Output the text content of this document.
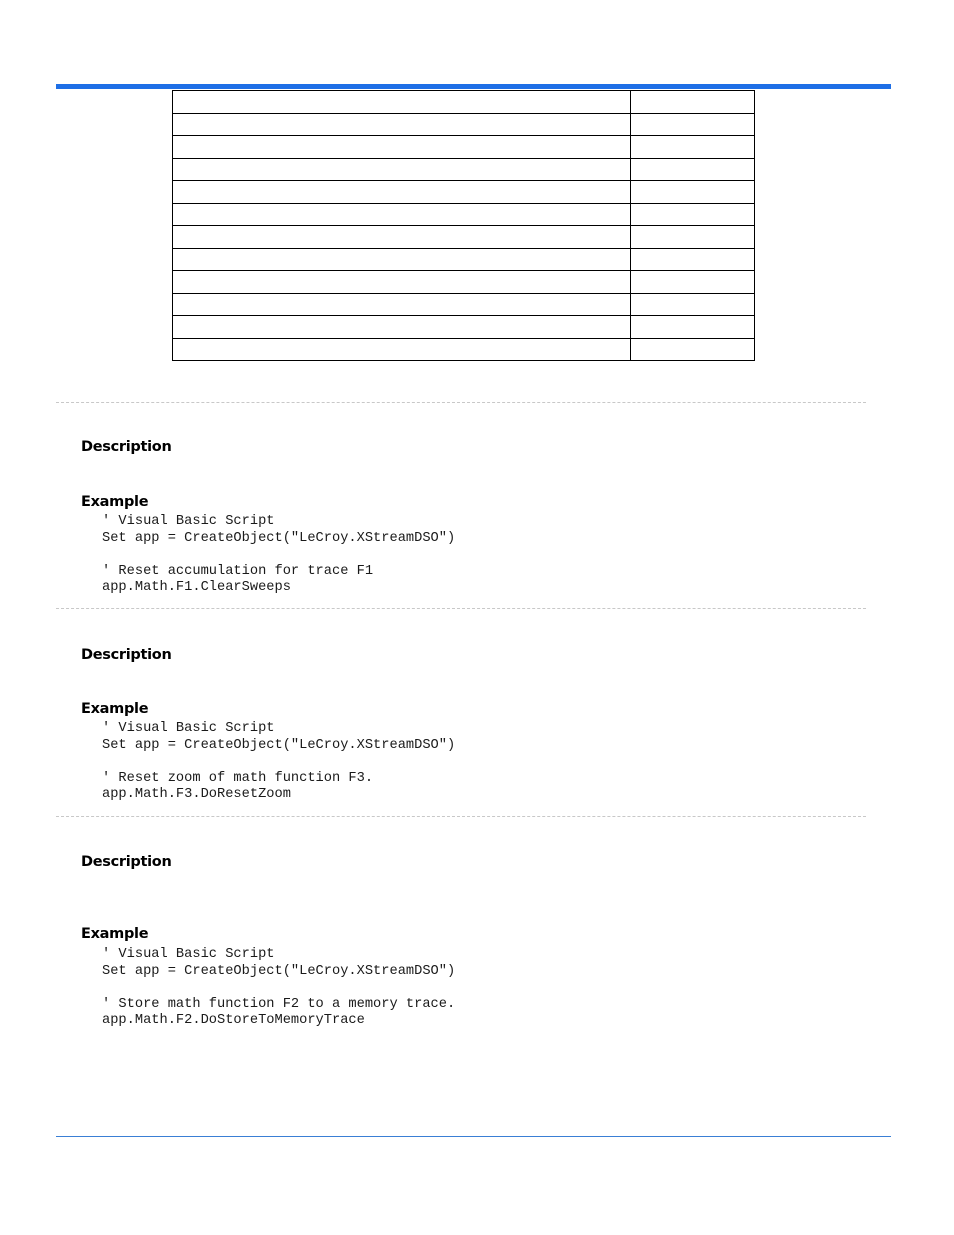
Description
Example
' Visual Basic Script
Set app = CreateObject("LeCroy.XStreamDSO")
' Reset accumulation for trace F1
app.Math.F1.ClearSweeps
Description
Example
' Visual Basic Script
Set app = CreateObject("LeCroy.XStreamDSO")
' Reset zoom of math function F3.
app.Math.F3.DoResetZoom
Description
Example
' Visual Basic Script
Set app = CreateObject("LeCroy.XStreamDSO")
' Store math function F2 to a memory trace.
app.Math.F2.DoStoreToMemoryTrace
